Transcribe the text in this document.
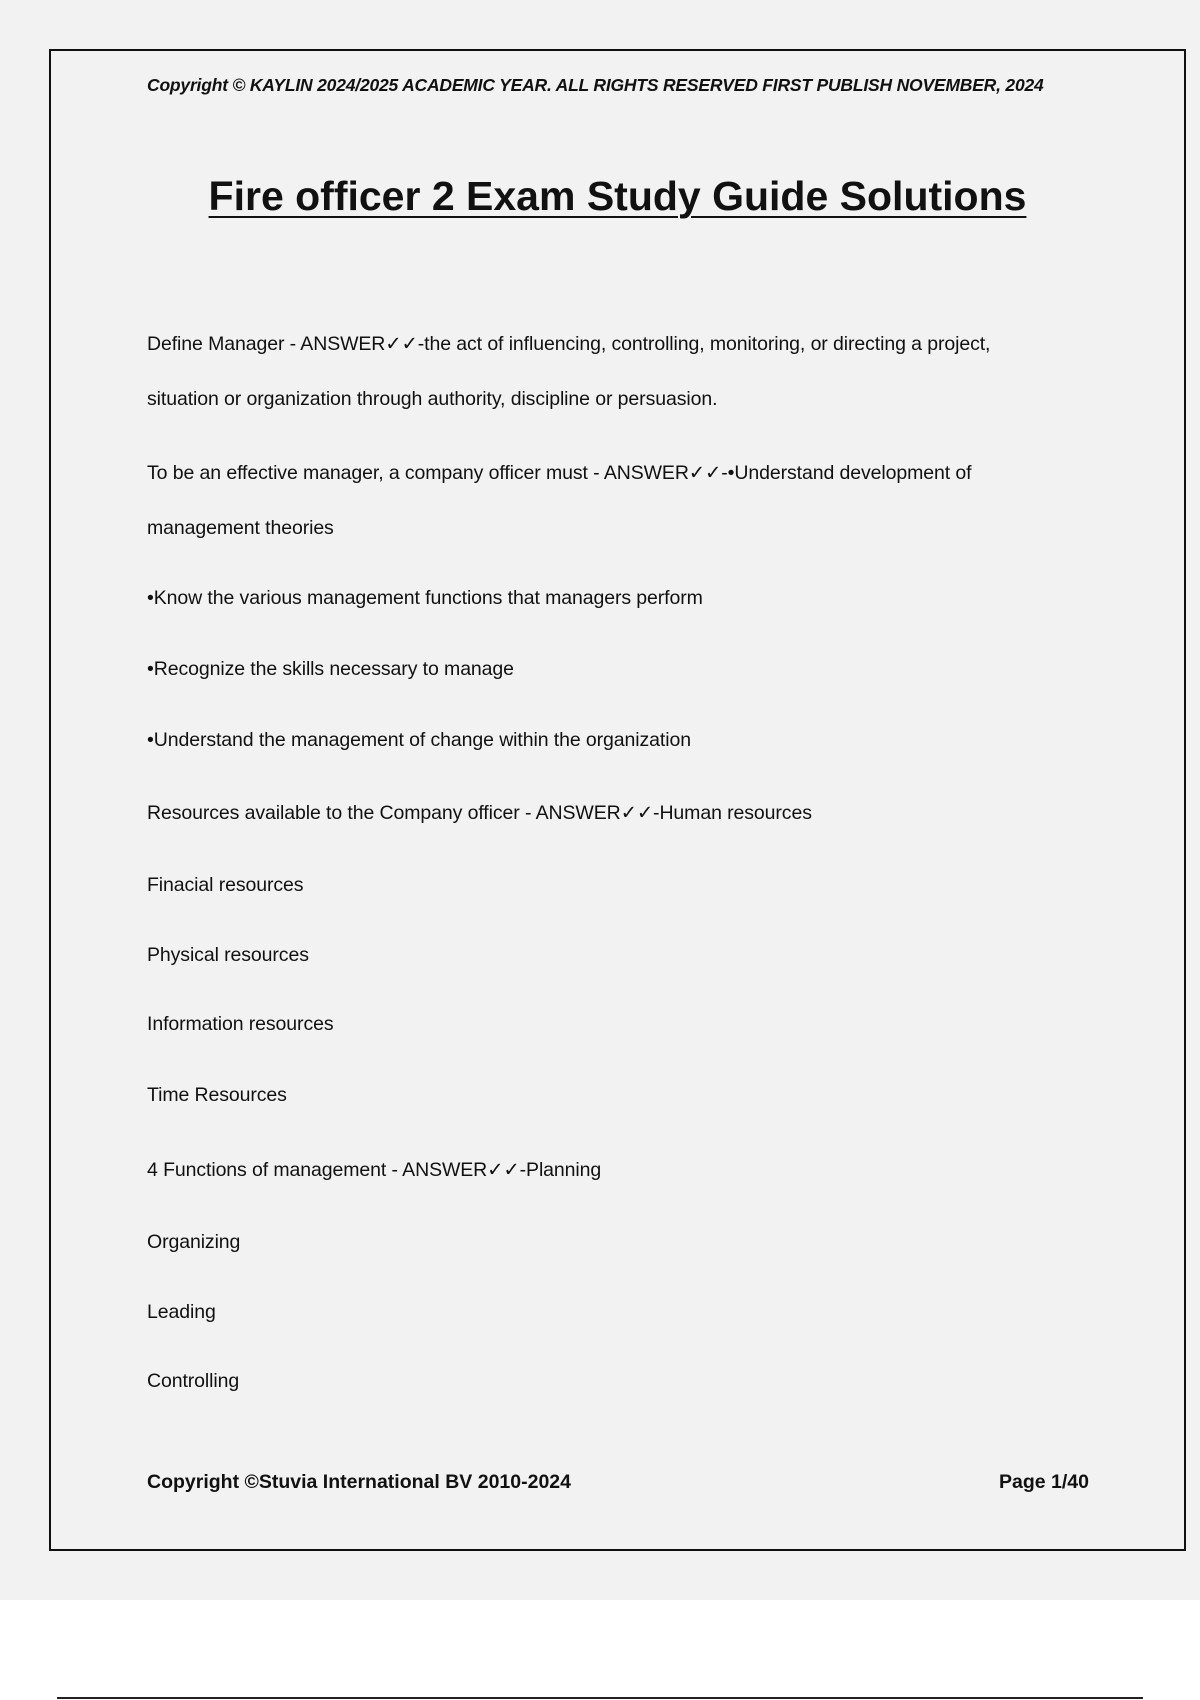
Copyright © KAYLIN 2024/2025 ACADEMIC YEAR. ALL RIGHTS RESERVED FIRST PUBLISH NOVEMBER, 2024
Fire officer 2 Exam Study Guide Solutions
Define Manager - ANSWER✓✓-the act of influencing, controlling, monitoring, or directing a project,
situation or organization through authority, discipline or persuasion.
To be an effective manager, a company officer must - ANSWER✓✓-•Understand development of
management theories
•Know the various management functions that managers perform
•Recognize the skills necessary to manage
•Understand the management of change within the organization
Resources available to the Company officer - ANSWER✓✓-Human resources
Finacial resources
Physical resources
Information resources
Time Resources
4 Functions of management - ANSWER✓✓-Planning
Organizing
Leading
Controlling
Copyright ©Stuvia International BV 2010-2024	Page 1/40
